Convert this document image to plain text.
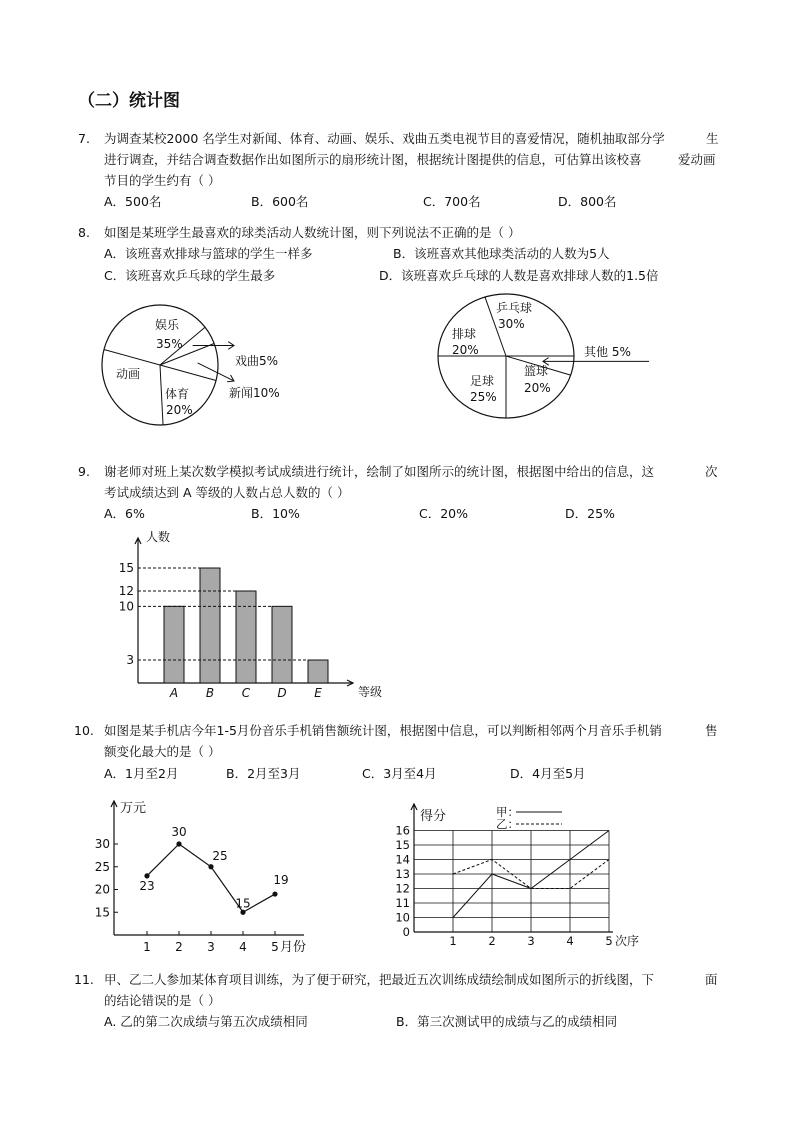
（二）统计图
7. 为调查某校2000 名学生对新闻、体育、动画、娱乐、戏曲五类电视节目的喜爱情况，随机抽取部分学	生
进行调查，并结合调查数据作出如图所示的扇形统计图，根据统计图提供的信息，可估算出该校喜	爱动画
节目的学生约有（ ）
A．500名	B．600名	C．700名	D．800名
8. 如图是某班学生最喜欢的球类活动人数统计图，则下列说法不正确的是（ ）
A．该班喜欢排球与篮球的学生一样多	B．该班喜欢其他球类活动的人数为5人
C．该班喜欢乒乓球的学生最多	D．该班喜欢乒乓球的人数是喜欢排球人数的1.5倍
娱乐
35%
戏曲5%
新闻10%
体育
20%
动画
乒乓球
30%
其他 5%
篮球
20%
足球
25%
排球
20%
9. 谢老师对班上某次数学模拟考试成绩进行统计，绘制了如图所示的统计图，根据图中给出的信息，这	次
考试成绩达到 A 等级的人数占总人数的（ ）
A．6%	B．10%	C．20%	D．25%
人数
等级
A B C D E
3
10
12
15
10. 如图是某手机店今年1-5月份音乐手机销售额统计图，根据图中信息，可以判断相邻两个月音乐手机销	售
额变化最大的是（ ）
A．1月至2月	B．2月至3月	C．3月至4月	D．4月至5月
万元
15
20
25
30
1 2 3 4 5 月份
23
30
25
15
19
得分
0
10
11
12
13
14
15
16
1	2	3	4	5 次序
甲：
乙：
11. 甲、乙二人参加某体育项目训练，为了便于研究，把最近五次训练成绩绘制成如图所示的折线图，下	面
的结论错误的是（ ）
A. 乙的第二次成绩与第五次成绩相同	B．第三次测试甲的成绩与乙的成绩相同
